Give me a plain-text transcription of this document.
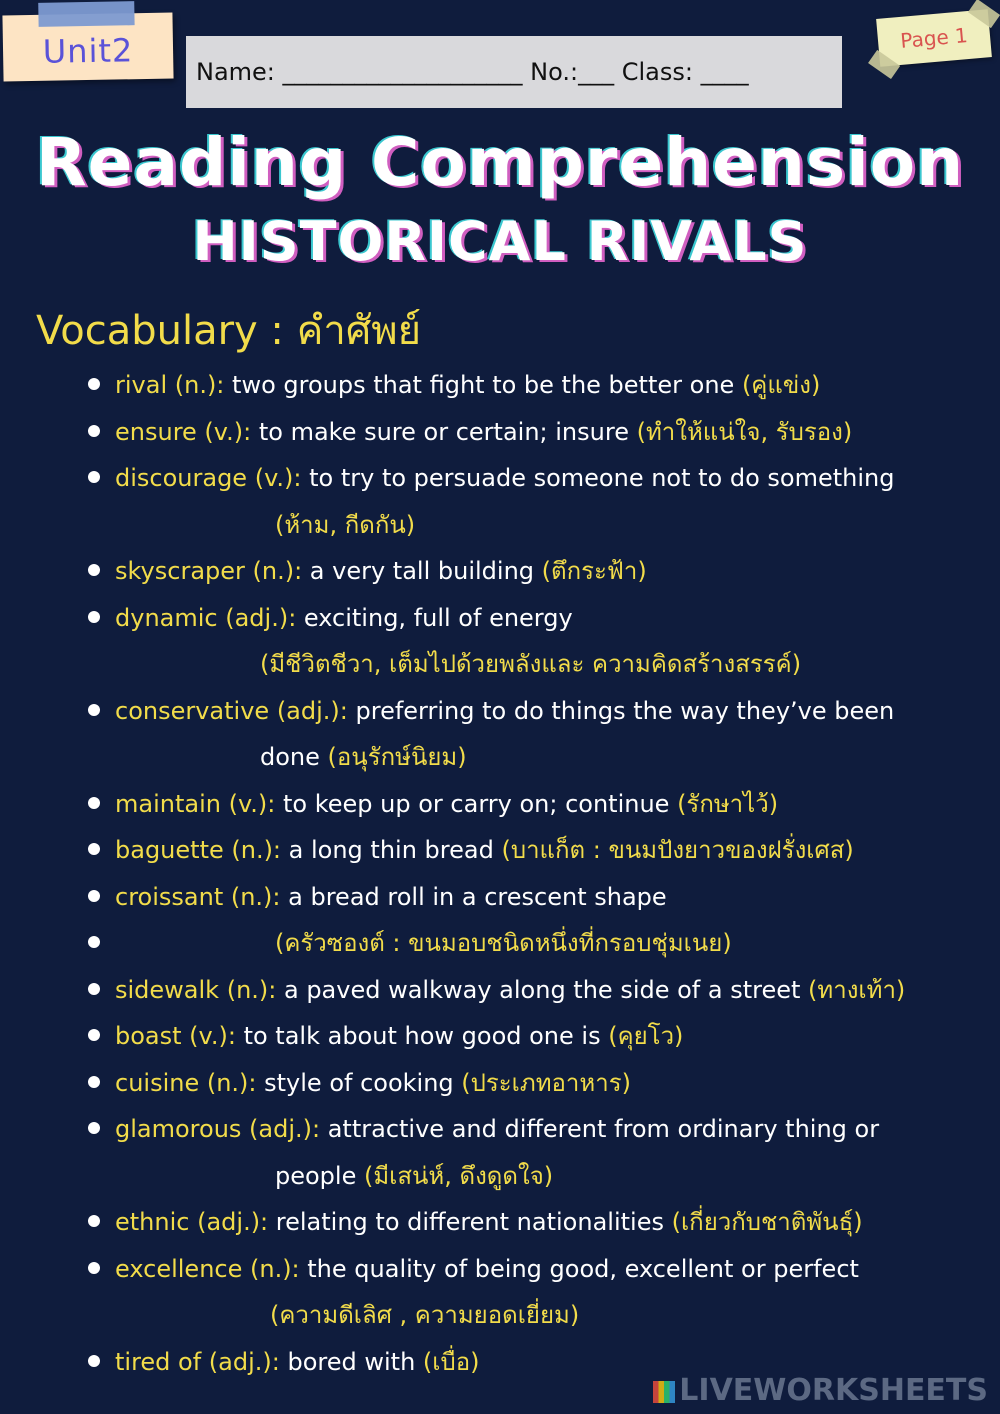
Unit2
Name: ____________________ No.:___ Class: ____
Page 1
Reading Comprehension
HISTORICAL RIVALS
Vocabulary : คำศัพย์
rival (n.): two groups that fight to be the better one (คู่แข่ง)
ensure (v.): to make sure or certain; insure (ทำให้แน่ใจ, รับรอง)
discourage (v.): to try to persuade someone not to do something
(ห้าม, กีดกัน)
skyscraper (n.): a very tall building (ตึกระฟ้า)
dynamic (adj.): exciting, full of energy
(มีชีวิตชีวา, เต็มไปด้วยพลังและ ความคิดสร้างสรรค์)
conservative (adj.): preferring to do things the way they’ve been
done (อนุรักษ์นิยม)
maintain (v.): to keep up or carry on; continue (รักษาไว้)
baguette (n.): a long thin bread (บาแก็ต : ขนมปังยาวของฝรั่งเศส)
croissant (n.): a bread roll in a crescent shape
(ครัวซองต์ : ขนมอบชนิดหนึ่งที่กรอบชุ่มเนย)
sidewalk (n.): a paved walkway along the side of a street (ทางเท้า)
boast (v.): to talk about how good one is (คุยโว)
cuisine (n.): style of cooking (ประเภทอาหาร)
glamorous (adj.): attractive and different from ordinary thing or
people (มีเสน่ห์, ดึงดูดใจ)
ethnic (adj.): relating to different nationalities (เกี่ยวกับชาติพันธุ์)
excellence (n.): the quality of being good, excellent or perfect
(ความดีเลิศ , ความยอดเยี่ยม)
tired of (adj.): bored with (เบื่อ)
LIVEWORKSHEETS
